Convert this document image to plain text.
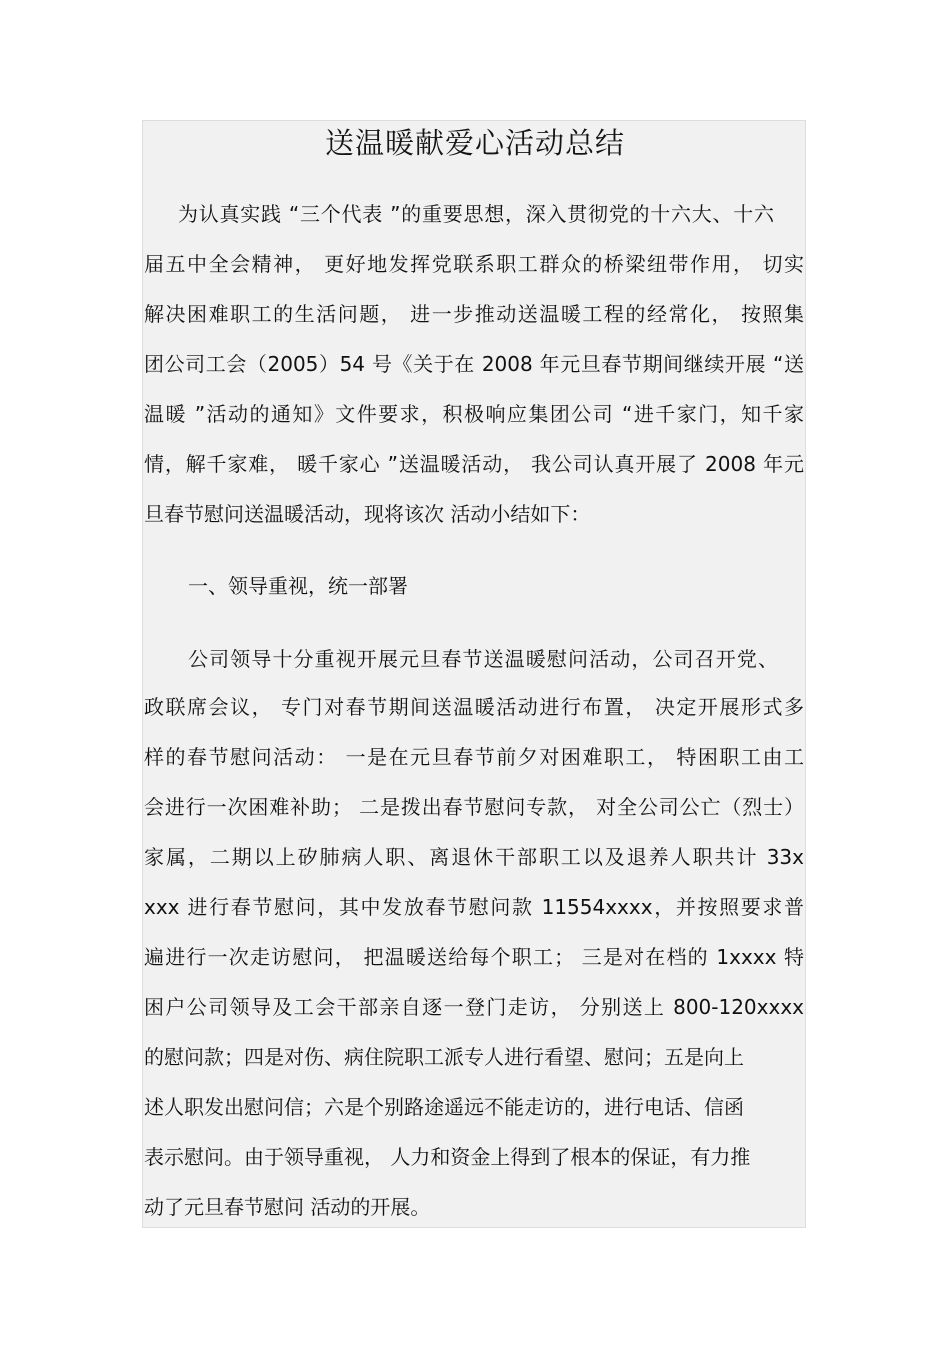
送温暖献爱心活动总结
为认真实践 “三个代表 ”的重要思想，深入贯彻党的十六大、十六
届五中全会精神， 更好地发挥党联系职工群众的桥梁纽带作用， 切实
解决困难职工的生活问题， 进一步推动送温暖工程的经常化， 按照集
团公司工会（2005）54 号《关于在 2008 年元旦春节期间继续开展 “送
温暖 ”活动的通知》文件要求，积极响应集团公司 “进千家门，知千家
情，解千家难， 暖千家心 ”送温暖活动， 我公司认真开展了 2008 年元
旦春节慰问送温暖活动，现将该次 活动小结如下：
一、领导重视，统一部署
公司领导十分重视开展元旦春节送温暖慰问活动，公司召开党、
政联席会议， 专门对春节期间送温暖活动进行布置， 决定开展形式多
样的春节慰问活动： 一是在元旦春节前夕对困难职工， 特困职工由工
会进行一次困难补助； 二是拨出春节慰问专款， 对全公司公亡（烈士）
家属，二期以上矽肺病人职、离退休干部职工以及退养人职共计 33x
xxx 进行春节慰问，其中发放春节慰问款 11554xxxx，并按照要求普
遍进行一次走访慰问， 把温暖送给每个职工； 三是对在档的 1xxxx 特
困户公司领导及工会干部亲自逐一登门走访， 分别送上 800-120xxxx
的慰问款；四是对伤、病住院职工派专人进行看望、慰问；五是向上
述人职发出慰问信；六是个别路途遥远不能走访的，进行电话、信函
表示慰问。由于领导重视， 人力和资金上得到了根本的保证，有力推
动了元旦春节慰问 活动的开展。
